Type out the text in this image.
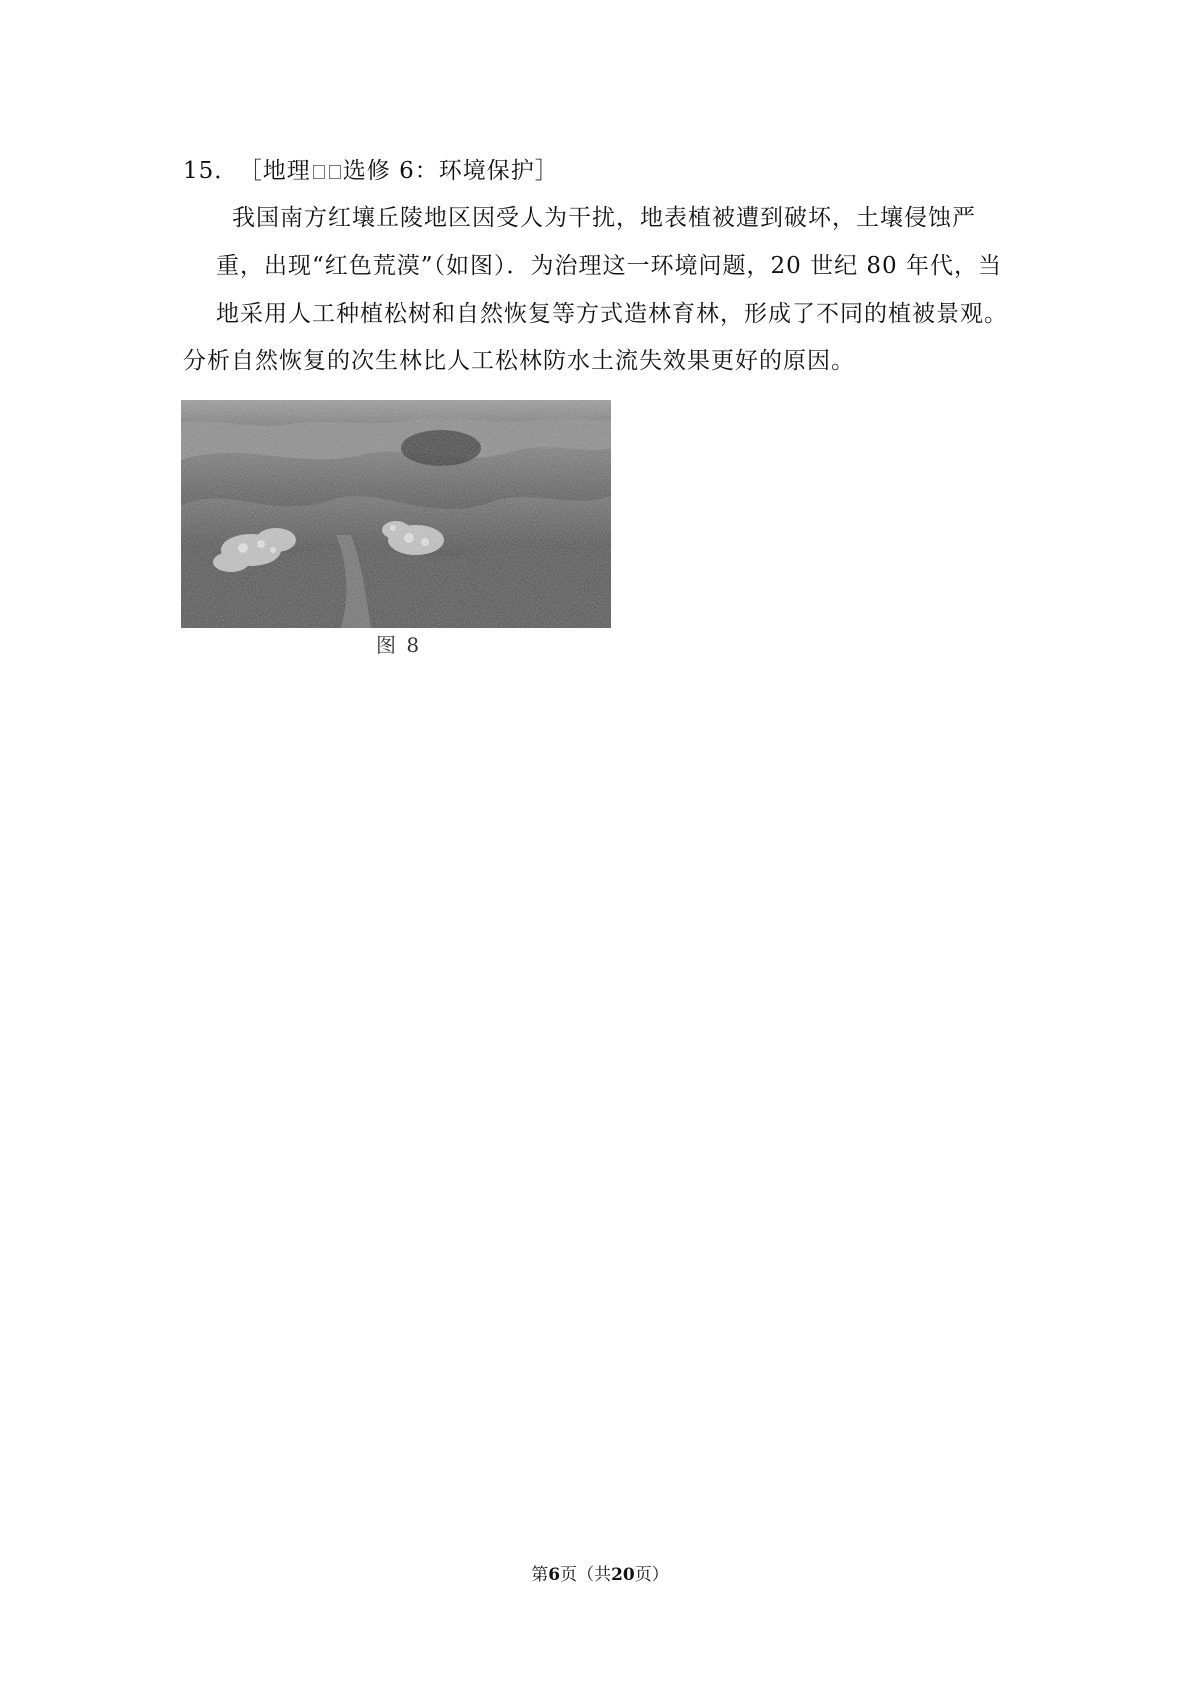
15． ［地理 选修 6：环境保护］
我国南方红壤丘陵地区因受人为干扰，地表植被遭到破坏，土壤侵蚀严
重，出现“红色荒漠”（如图）．为治理这一环境问题，20 世纪 80 年代，当
地采用人工种植松树和自然恢复等方式造林育林，形成了不同的植被景观。
分析自然恢复的次生林比人工松林防水土流失效果更好的原因。
图 8
第6页（共20页）
